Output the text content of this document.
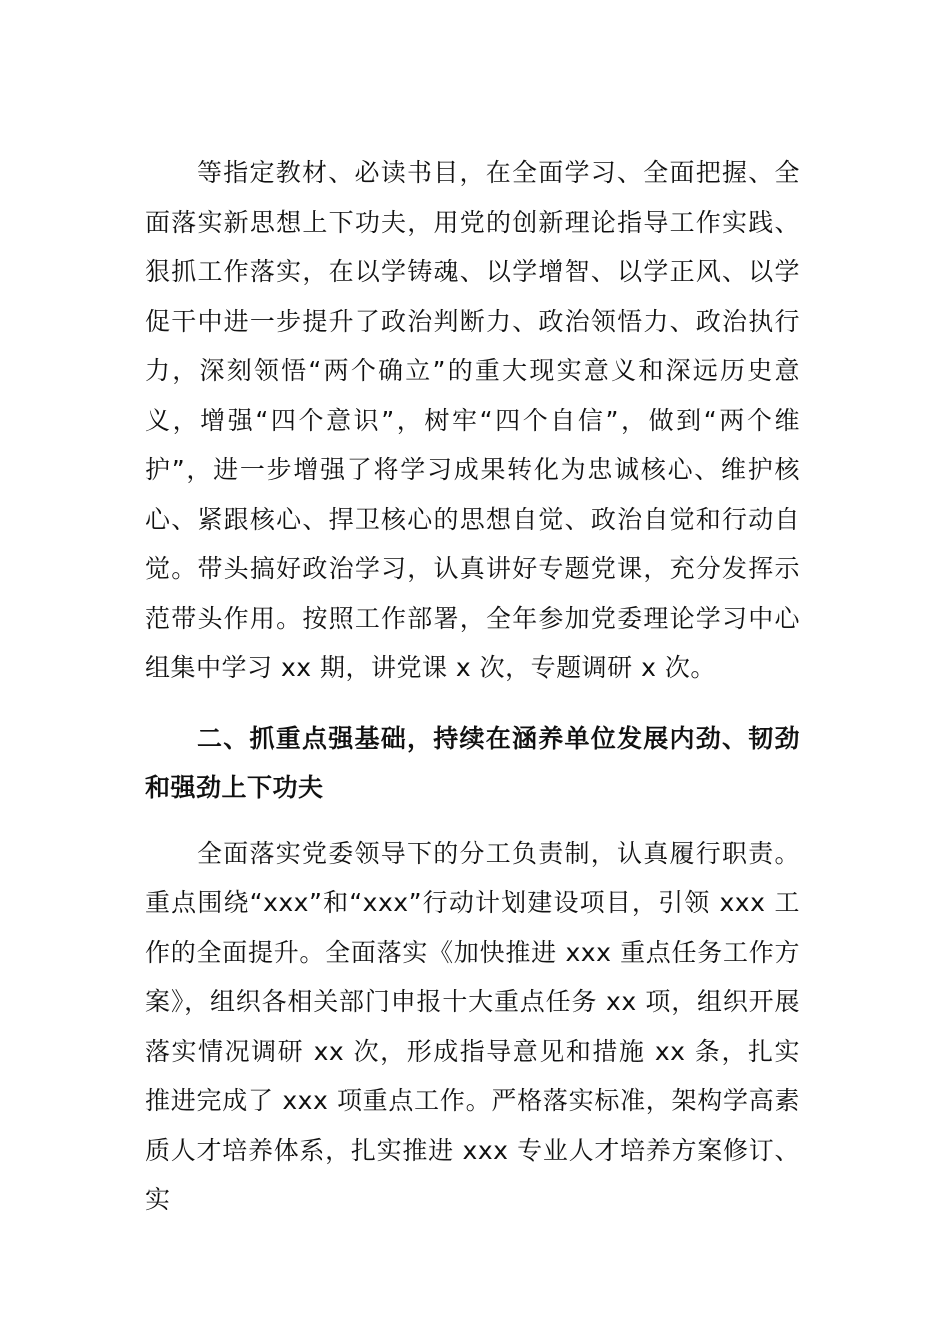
等指定教材、必读书目，在全面学习、全面把握、全面落实新思想上下功夫，用党的创新理论指导工作实践、狠抓工作落实，在以学铸魂、以学增智、以学正风、以学促干中进一步提升了政治判断力、政治领悟力、政治执行力，深刻领悟“两个确立”的重大现实意义和深远历史意义，增强“四个意识”，树牢“四个自信”，做到“两个维护”，进一步增强了将学习成果转化为忠诚核心、维护核心、紧跟核心、捍卫核心的思想自觉、政治自觉和行动自觉。带头搞好政治学习，认真讲好专题党课，充分发挥示范带头作用。按照工作部署，全年参加党委理论学习中心组集中学习 xx 期，讲党课 x 次，专题调研 x 次。

二、抓重点强基础，持续在涵养单位发展内劲、韧劲和强劲上下功夫

全面落实党委领导下的分工负责制，认真履行职责。重点围绕“xxx”和“xxx”行动计划建设项目，引领 xxx 工作的全面提升。全面落实《加快推进 xxx 重点任务工作方案》，组织各相关部门申报十大重点任务 xx 项，组织开展落实情况调研 xx 次，形成指导意见和措施 xx 条，扎实推进完成了 xxx 项重点工作。严格落实标准，架构学高素质人才培养体系，扎实推进 xxx 专业人才培养方案修订、实
